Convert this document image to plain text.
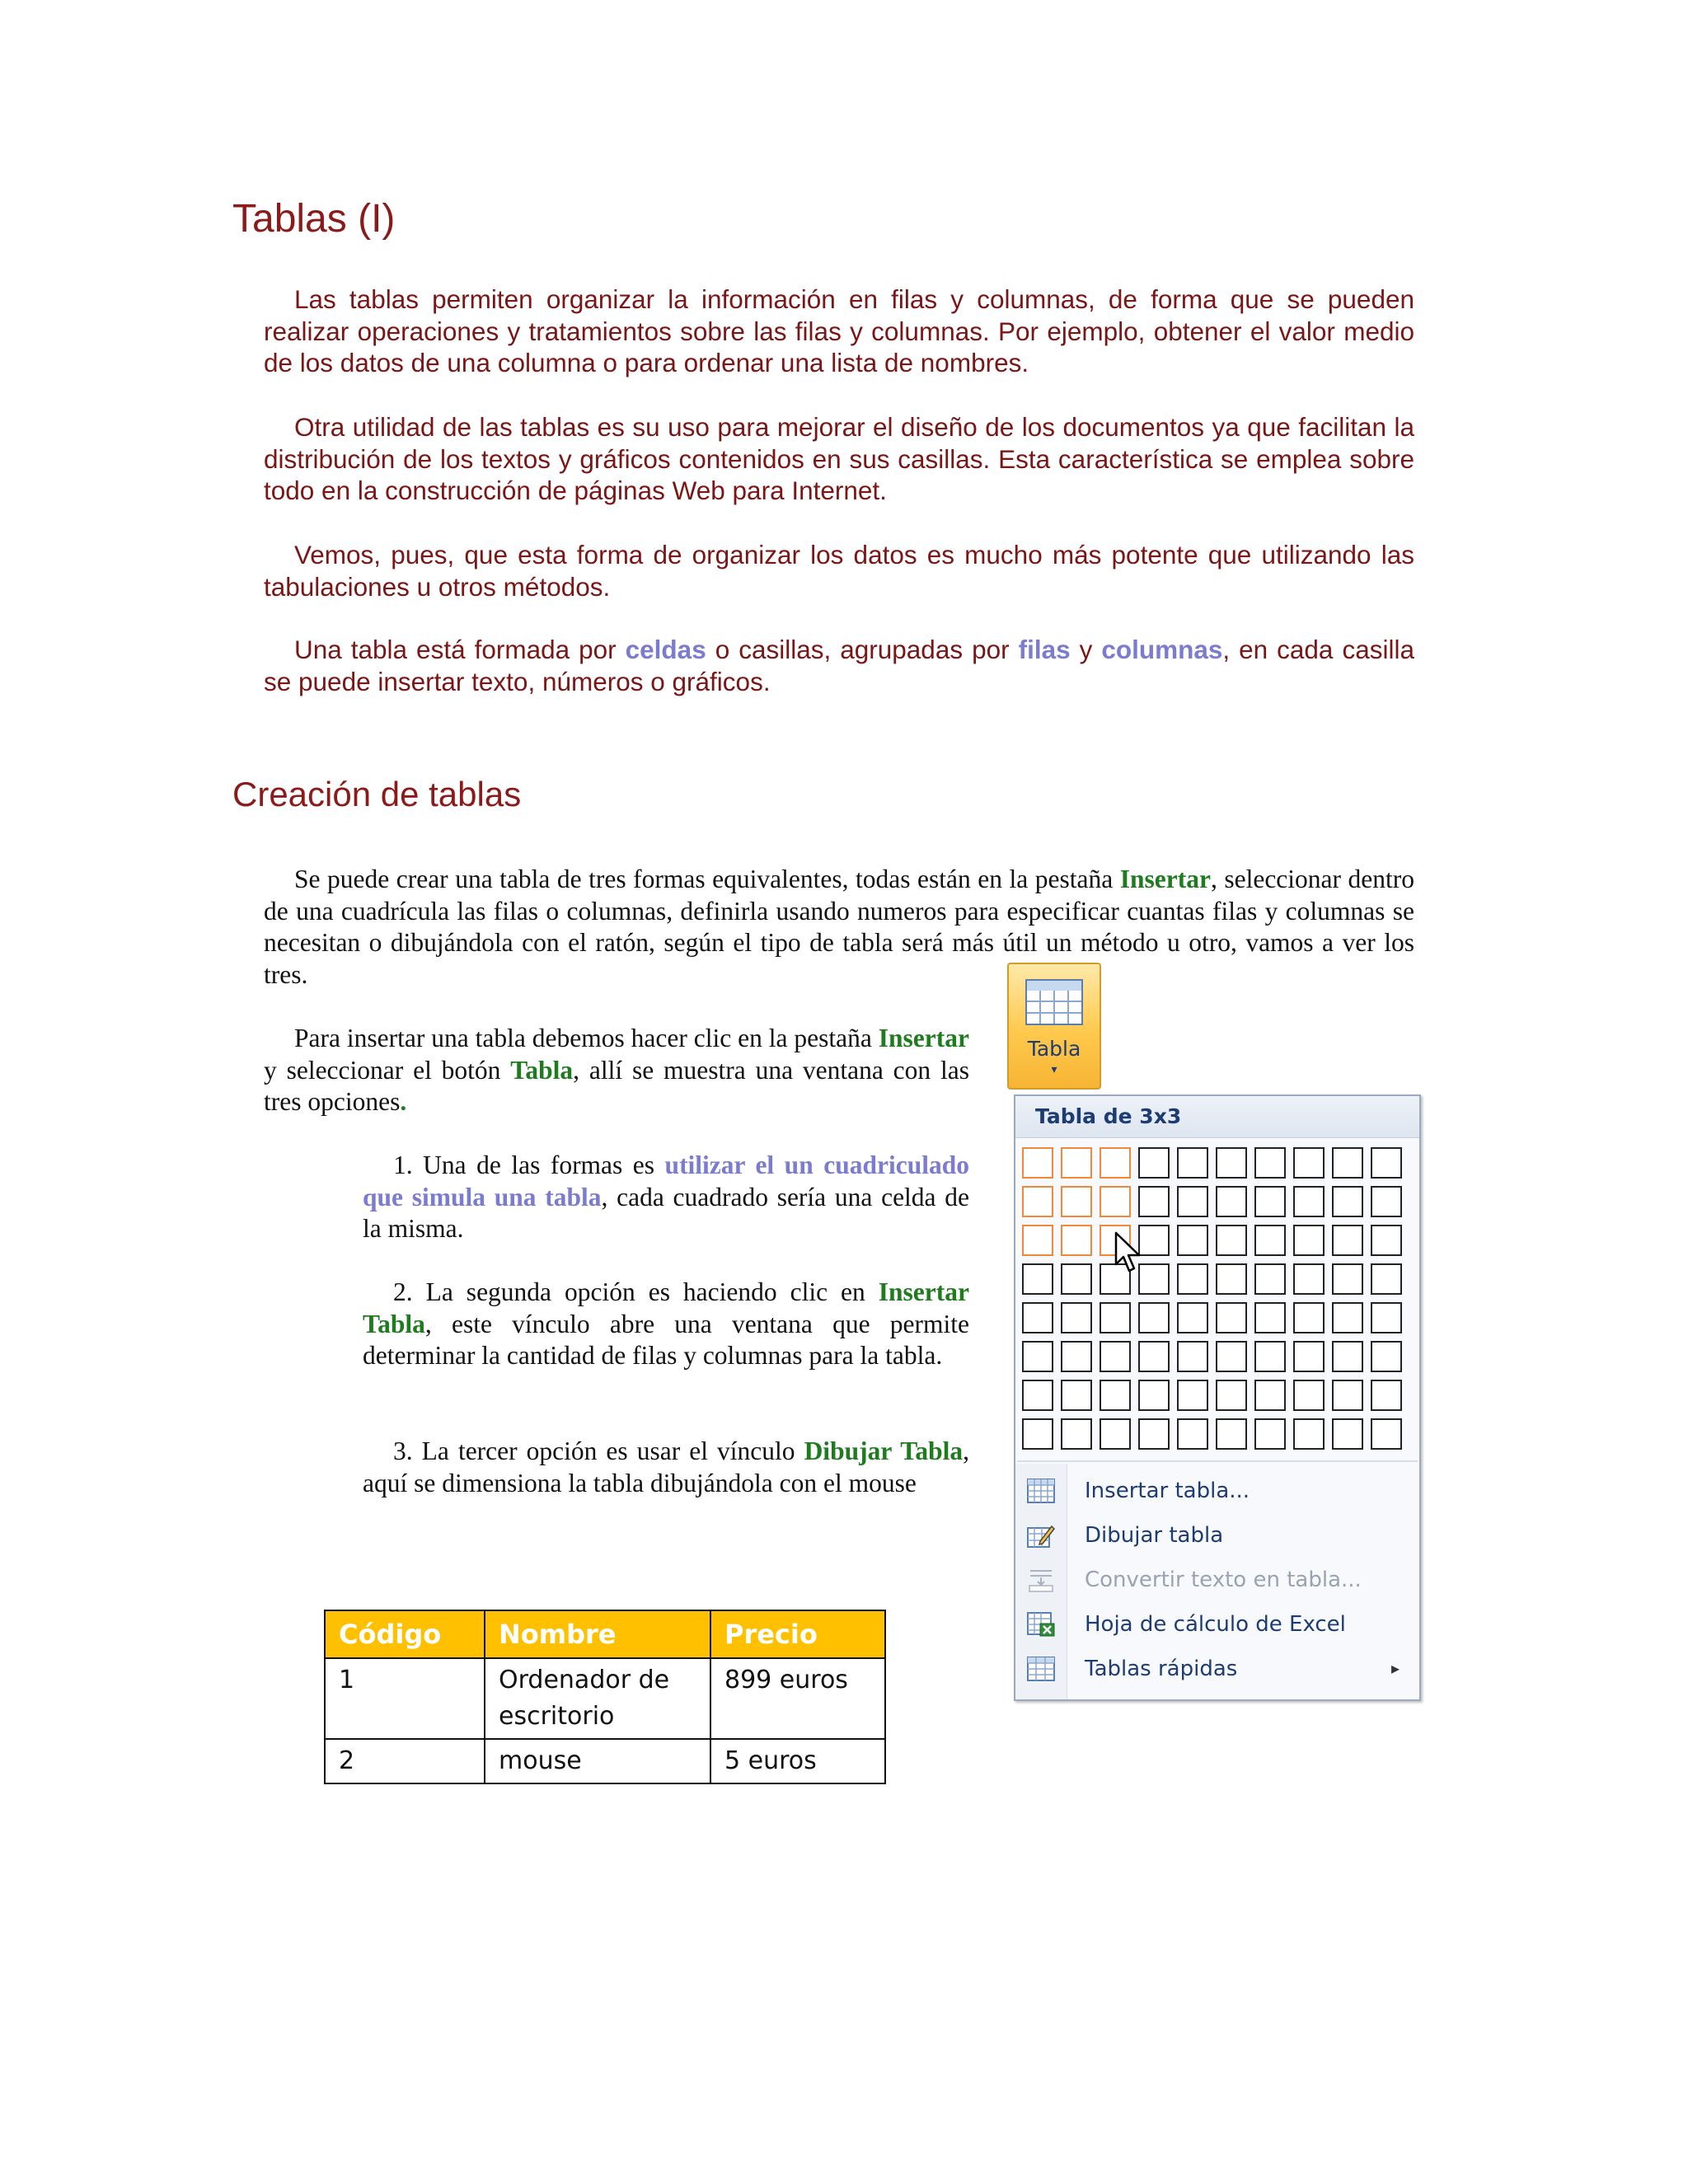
Tablas (I)

Las tablas permiten organizar la información en filas y columnas, de forma que se pueden realizar operaciones y tratamientos sobre las filas y columnas. Por ejemplo, obtener el valor medio de los datos de una columna o para ordenar una lista de nombres.

Otra utilidad de las tablas es su uso para mejorar el diseño de los documentos ya que facilitan la distribución de los textos y gráficos contenidos en sus casillas. Esta característica se emplea sobre todo en la construcción de páginas Web para Internet.

Vemos, pues, que esta forma de organizar los datos es mucho más potente que utilizando las tabulaciones u otros métodos.

Una tabla está formada por celdas o casillas, agrupadas por filas y columnas, en cada casilla se puede insertar texto, números o gráficos.

Creación de tablas

Se puede crear una tabla de tres formas equivalentes, todas están en la pestaña Insertar, seleccionar dentro de una cuadrícula las filas o columnas, definirla usando numeros para especificar cuantas filas y columnas se necesitan o dibujándola con el ratón, según el tipo de tabla será más útil un método u otro, vamos a ver los tres.

Para insertar una tabla debemos hacer clic en la pestaña Insertar y seleccionar el botón Tabla, allí se muestra una ventana con las tres opciones.

1. Una de las formas es utilizar el un cuadriculado que simula una tabla, cada cuadrado sería una celda de la misma.

2. La segunda opción es haciendo clic en Insertar Tabla, este vínculo abre una ventana que permite determinar la cantidad de filas y columnas para la tabla.

3. La tercer opción es usar el vínculo Dibujar Tabla, aquí se dimensiona la tabla dibujándola con el mouse

Tabla
▾
Tabla de 3x3
Insertar tabla...
Dibujar tabla
Convertir texto en tabla...
Hoja de cálculo de Excel
Tablas rápidas	▸
Código	Nombre	Precio
1	Ordenador de escritorio	899 euros
2	mouse	5 euros
